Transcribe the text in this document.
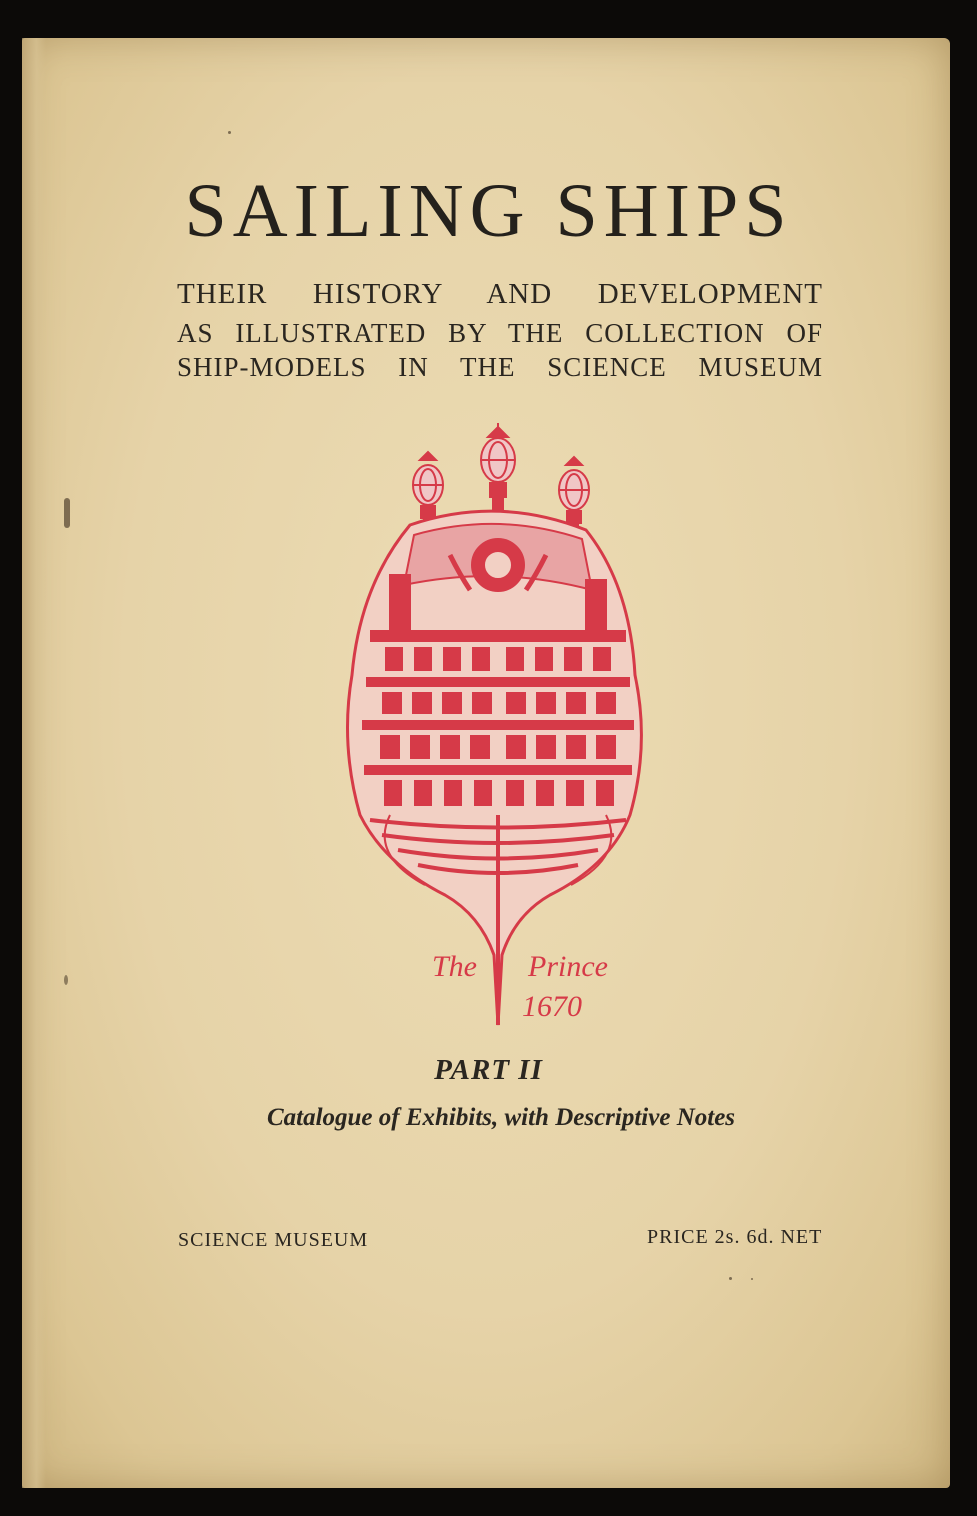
SAILING SHIPS
THEIR HISTORY AND DEVELOPMENT
AS ILLUSTRATED BY THE COLLECTION OF
SHIP-MODELS IN THE SCIENCE MUSEUM
The Prince
1670
PART II
Catalogue of Exhibits, with Descriptive Notes
SCIENCE MUSEUM	PRICE 2s. 6d. NET
